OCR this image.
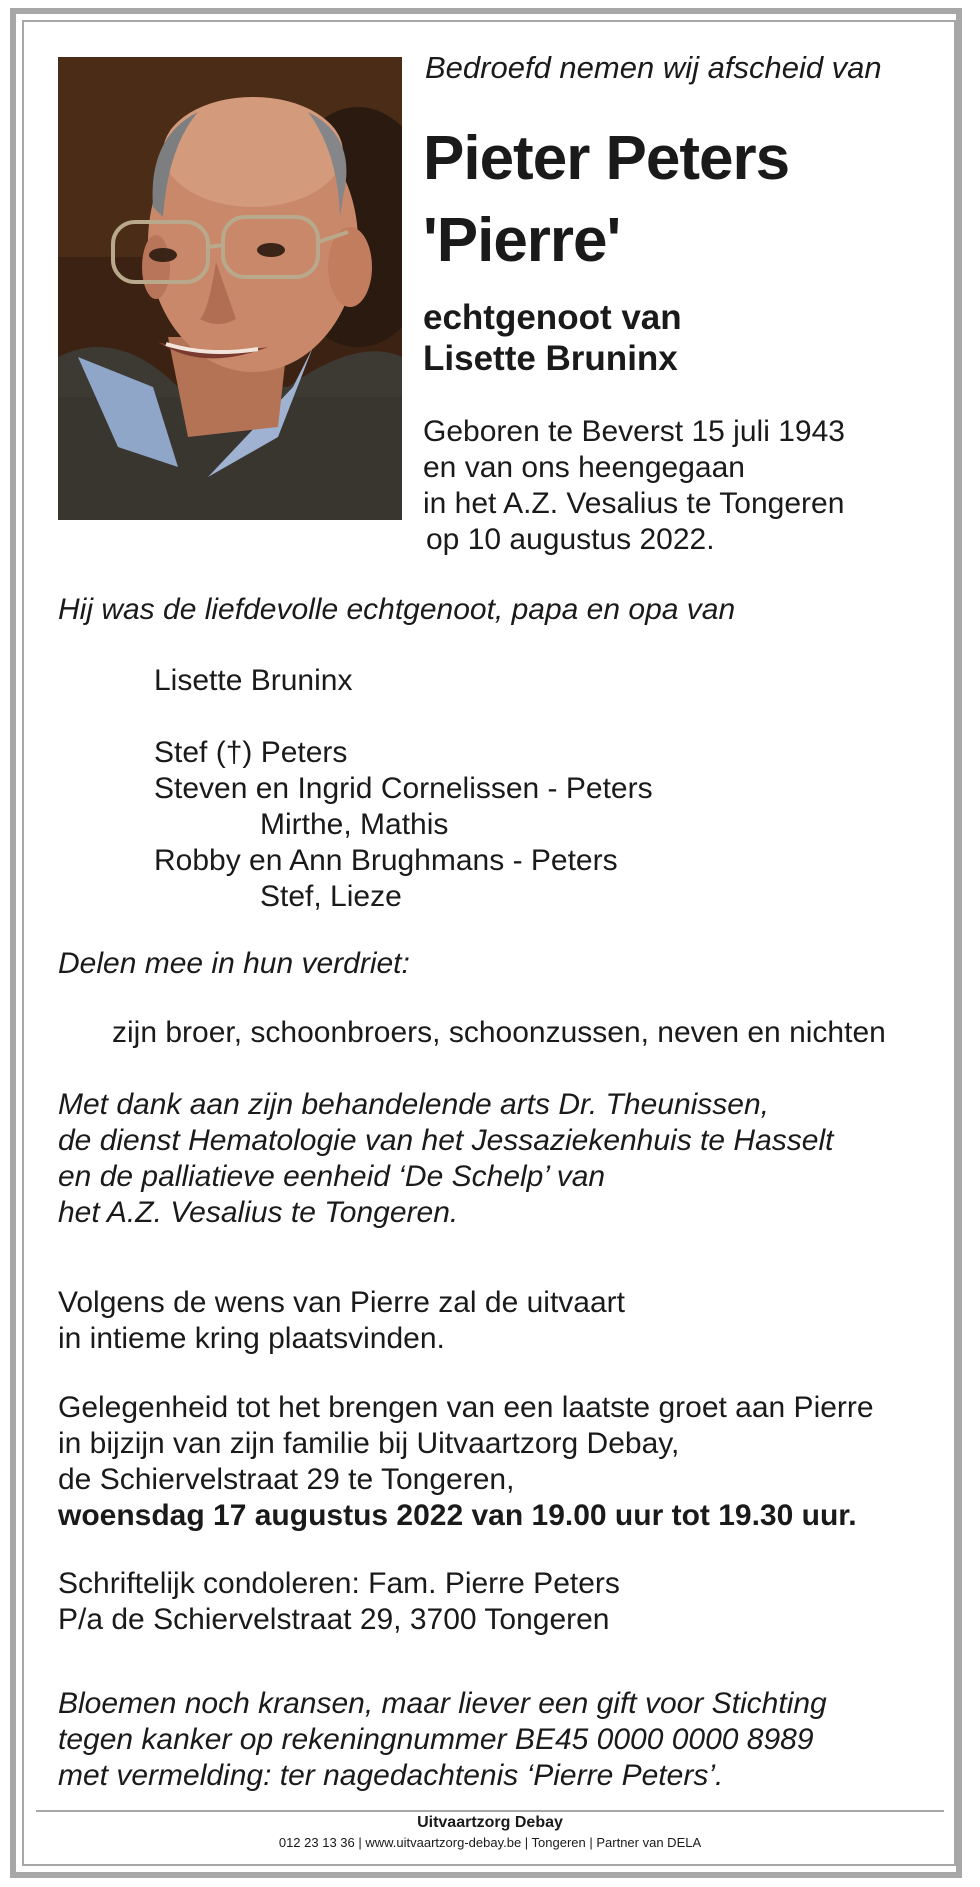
Bedroefd nemen wij afscheid van
Pieter Peters
'Pierre'
echtgenoot van
Lisette Bruninx
Geboren te Beverst 15 juli 1943
en van ons heengegaan
in het A.Z. Vesalius te Tongeren
op 10 augustus 2022.
Hij was de liefdevolle echtgenoot, papa en opa van
Lisette Bruninx
Stef (†) Peters
Steven en Ingrid Cornelissen - Peters
Mirthe, Mathis
Robby en Ann Brughmans - Peters
Stef, Lieze
Delen mee in hun verdriet:
zijn broer, schoonbroers, schoonzussen, neven en nichten
Met dank aan zijn behandelende arts Dr. Theunissen,
de dienst Hematologie van het Jessaziekenhuis te Hasselt
en de palliatieve eenheid ‘De Schelp’ van
het A.Z. Vesalius te Tongeren.
Volgens de wens van Pierre zal de uitvaart
in intieme kring plaatsvinden.
Gelegenheid tot het brengen van een laatste groet aan Pierre
in bijzijn van zijn familie bij Uitvaartzorg Debay,
de Schiervelstraat 29 te Tongeren,
woensdag 17 augustus 2022 van 19.00 uur tot 19.30 uur.
Schriftelijk condoleren: Fam. Pierre Peters
P/a de Schiervelstraat 29, 3700 Tongeren
Bloemen noch kransen, maar liever een gift voor Stichting
tegen kanker op rekeningnummer BE45 0000 0000 8989
met vermelding: ter nagedachtenis ‘Pierre Peters’.
Uitvaartzorg Debay
012 23 13 36 | www.uitvaartzorg-debay.be | Tongeren | Partner van DELA
